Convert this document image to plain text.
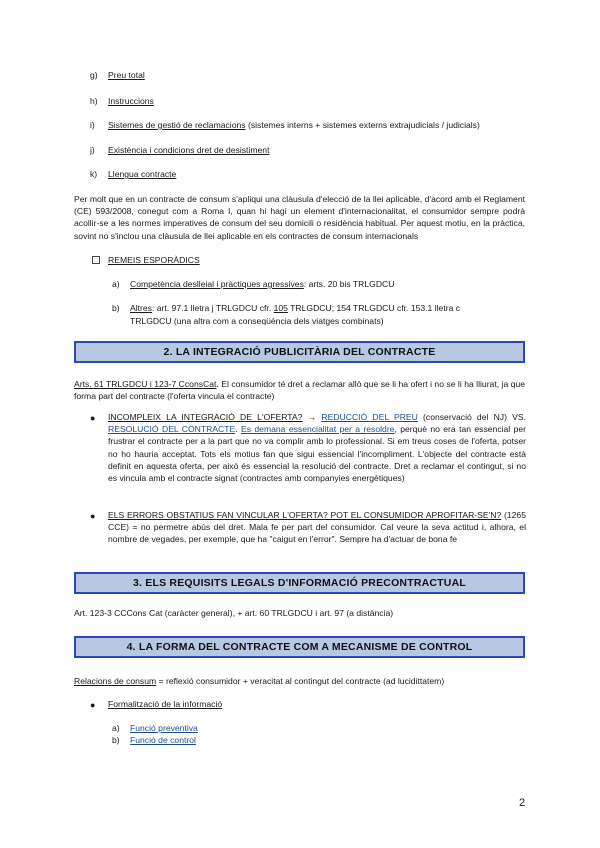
g)	Preu total
h)	Instruccions
i)	Sistemes de gestió de reclamacions (sistemes interns + sistemes externs extrajudicials / judicials)
j)	Existència i condicions dret de desistiment
k)	Llengua contracte

Per molt que en un contracte de consum s'apliqui una clàusula d'elecció de la llei aplicable, d'acord amb el Reglament (CE) 593/2008, conegut com a Roma I, quan hi hagi un element d'internacionalitat, el consumidor sempre podrà acollir-se a les normes imperatives de consum del seu domicili o residència habitual. Per aquest motiu, en la pràctica, sovint no s'inclou una clàusula de llei aplicable en els contractes de consum internacionals

REMEIS ESPORÀDICS
a) Competència deslleial i pràctiques agressives: arts. 20 bis TRLGDCU
b) Altres: art. 97.1 lletra j TRLGDCU cfr. 105 TRLGDCU; 154 TRLGDCU cfr. 153.1 lletra c
TRLGDCU (una altra com a conseqüència dels viatges combinats)
2. LA INTEGRACIÓ PUBLICITÀRIA DEL CONTRACTE

Arts. 61 TRLGDCU i 123-7 CconsCat. El consumidor té dret a reclamar allò que se li ha ofert i no se li ha lliurat, ja que forma part del contracte (l'oferta vincula el contracte)

● INCOMPLEIX LA INTEGRACIÓ DE L'OFERTA? → REDUCCIÓ DEL PREU (conservació del NJ) VS. RESOLUCIÓ DEL CONTRACTE. Es demana essencialitat per a resoldre, perquè no era tan essencial per frustrar el contracte per a la part que no va complir amb lo professional. Si em treus coses de l'oferta, potser no ho hauria acceptat. Tots els motius fan que sigui essencial l'incompliment. L'objecte del contracte està definit en aquesta oferta, per això és essencial la resolució del contracte. Dret a reclamar el contingut, si no es vincula amb el contracte signat (contractes amb companyies energètiques)

● ELS ERRORS OBSTATIUS FAN VINCULAR L'OFERTA? POT EL CONSUMIDOR APROFITAR-SE'N? (1265 CCE) = no permetre abús del dret. Mala fe per part del consumidor. Cal veure la seva actitud i, alhora, el nombre de vegades, per exemple, que ha "caigut en l'error". Sempre ha d'actuar de bona fe

3. ELS REQUISITS LEGALS D'INFORMACIÓ PRECONTRACTUAL
Art. 123-3 CCCons Cat (caràcter general), + art. 60 TRLGDCU i art. 97 (a distància)
4. LA FORMA DEL CONTRACTE COM A MECANISME DE CONTROL
Relacions de consum = reflexió consumidor + veracitat al contingut del contracte (ad lucidittatem)
● Formalització de la informació
a) Funció preventiva
b) Funció de control
2
